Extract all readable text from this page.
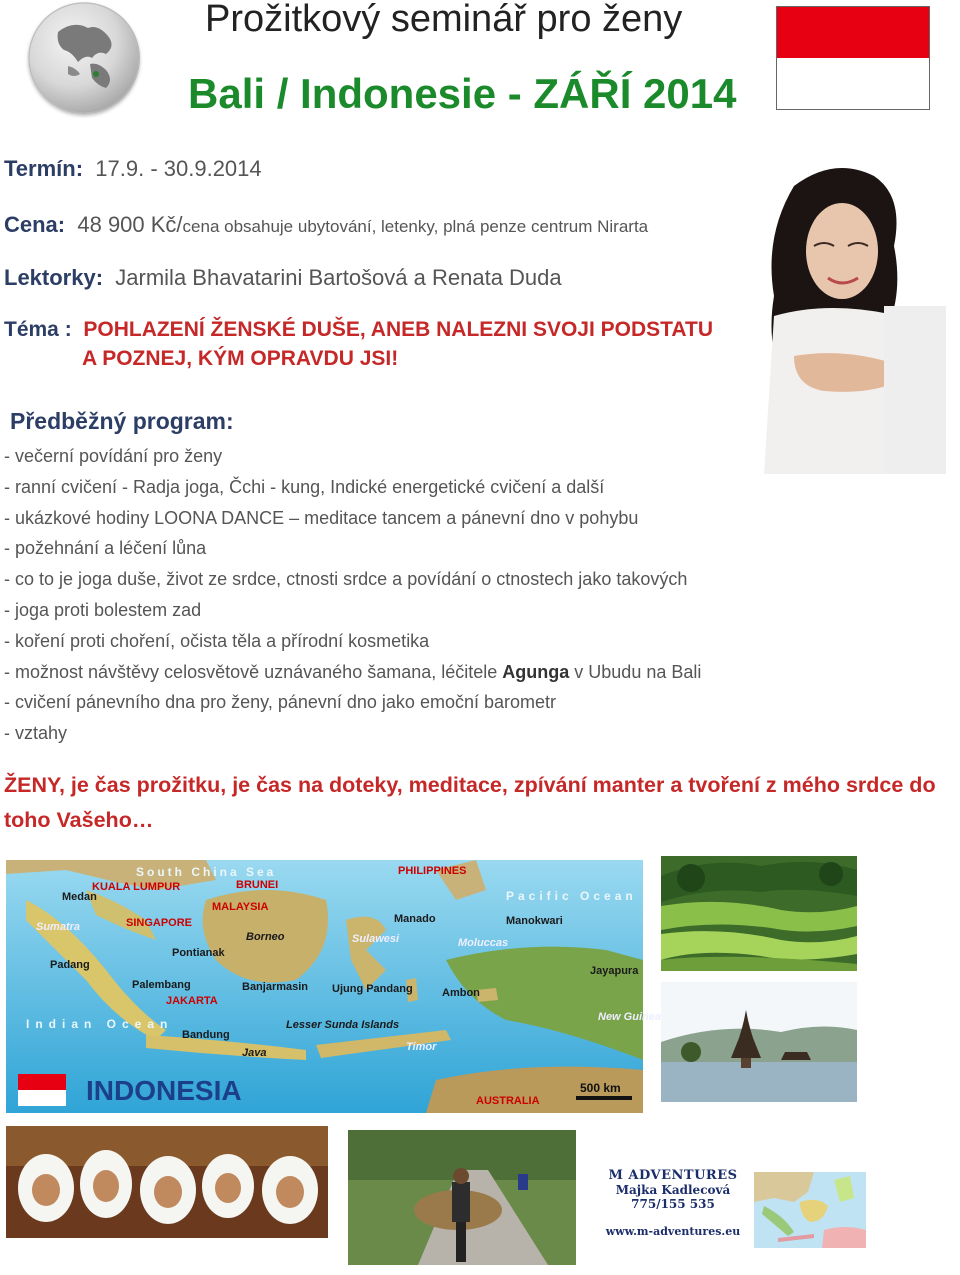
Prožitkový seminář pro ženy
Bali / Indonesie - ZÁŘÍ 2014
Termín: 17.9. - 30.9.2014
Cena: 48 900 Kč/cena obsahuje ubytování, letenky, plná penze centrum Nirarta
Lektorky: Jarmila Bhavatarini Bartošová a Renata Duda
Téma : POHLAZENÍ ŽENSKÉ DUŠE, ANEB NALEZNI SVOJI PODSTATU
A POZNEJ, KÝM OPRAVDU JSI!
Předběžný program:
- večerní povídání pro ženy
- ranní cvičení - Radja joga, Čchi - kung, Indické energetické cvičení a další
- ukázkové hodiny LOONA DANCE – meditace tancem a pánevní dno v pohybu
- požehnání a léčení lůna
- co to je joga duše, život ze srdce, ctnosti srdce a povídání o ctnostech jako takových
- joga proti bolestem zad
- koření proti choření, očista těla a přírodní kosmetika
- možnost návštěvy celosvětově uznávaného šamana, léčitele Agunga v Ubudu na Bali
- cvičení pánevního dna pro ženy, pánevní dno jako emoční barometr
- vztahy
ŽENY, je čas prožitku, je čas na doteky, meditace, zpívání manter a tvoření z mého srdce do toho Vašeho…
South China Sea	PHILIPPINES
Pacific Ocean
KUALA LUMPUR	BRUNEI
Medan
MALAYSIA
SINGAPORE
Borneo
Manado
Sumatra
Pontianak
Sulawesi	Moluccas
Manokwari
Padang
Palembang	Banjarmasin
Jayapura
JAKARTA
Ujung Pandang	Ambon
Indian Ocean	Lesser Sunda Islands
New Guinea
Bandung
Java	Timor
AUSTRALIA
INDONESIA	500 km
M ADVENTURES
Majka Kadlecová
775/155 535
www.m-adventures.eu
